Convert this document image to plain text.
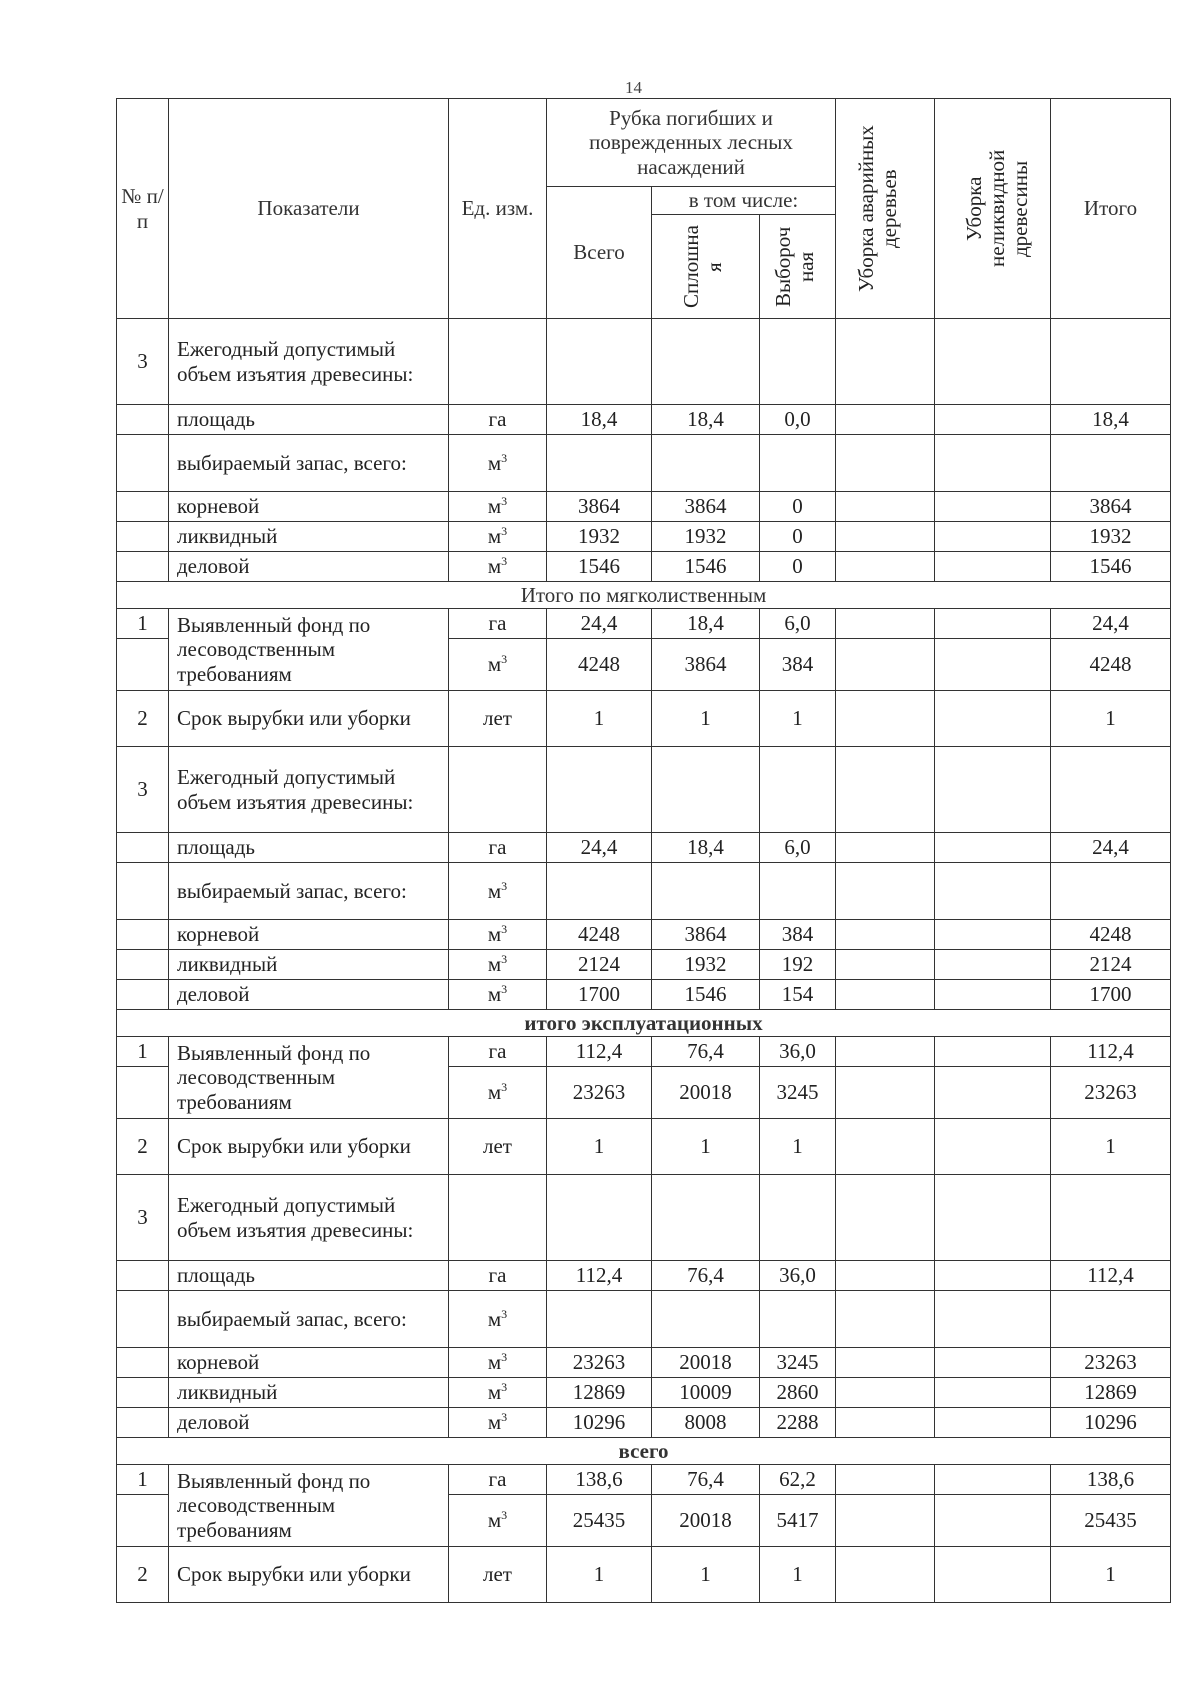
14
№ п/п	Показатели	Ед. изм.	Рубка погибших и поврежденных лесных насаждений			Уборка аварийных деревьев	Уборка неликвидной древесины	Итого
			Всего	в том числе:				

				Сплошна я	Выбороч ная			

3	Ежегодный допустимый объем изъятия древесины:							
	площадь	га	18,4	18,4	0,0			18,4
	выбираемый запас, всего:	$м^3$						
	корневой	$м^3$	3864	3864	0			3864
	ликвидный	$м^3$	1932	1932	0			1932
	деловой	$м^3$	1546	1546	0			1546
Итого по мягколиственным								
1	Выявленный фонд по лесоводственным требованиям	га	24,4	18,4	6,0			24,4
		$м^3$	4248	3864	384			4248
2	Срок вырубки или уборки	лет	1	1	1			1
3	Ежегодный допустимый объем изъятия древесины:							
	площадь	га	24,4	18,4	6,0			24,4
	выбираемый запас, всего:	$м^3$						
	корневой	$м^3$	4248	3864	384			4248
	ликвидный	$м^3$	2124	1932	192			2124
	деловой	$м^3$	1700	1546	154			1700
итого эксплуатационных								
1	Выявленный фонд по лесоводственным требованиям	га	112,4	76,4	36,0			112,4
		$м^3$	23263	20018	3245			23263
2	Срок вырубки или уборки	лет	1	1	1			1
3	Ежегодный допустимый объем изъятия древесины:							
	площадь	га	112,4	76,4	36,0			112,4
	выбираемый запас, всего:	$м^3$						
	корневой	$м^3$	23263	20018	3245			23263
	ликвидный	$м^3$	12869	10009	2860			12869
	деловой	$м^3$	10296	8008	2288			10296
всего								
1	Выявленный фонд по лесоводственным требованиям	га	138,6	76,4	62,2			138,6
		$м^3$	25435	20018	5417			25435
2	Срок вырубки или уборки	лет	1	1	1			1
